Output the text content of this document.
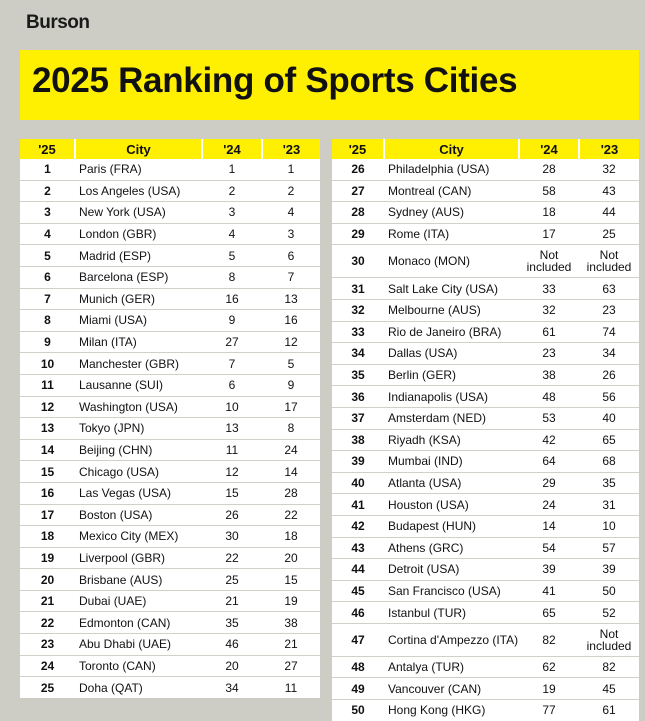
Burson
2025 Ranking of Sports Cities
'25	City	'24	'23
1	Paris (FRA)	1	1
2	Los Angeles (USA)	2	2
3	New York (USA)	3	4
4	London (GBR)	4	3
5	Madrid (ESP)	5	6
6	Barcelona (ESP)	8	7
7	Munich (GER)	16	13
8	Miami (USA)	9	16
9	Milan (ITA)	27	12
10	Manchester (GBR)	7	5
11	Lausanne (SUI)	6	9
12	Washington (USA)	10	17
13	Tokyo (JPN)	13	8
14	Beijing (CHN)	11	24
15	Chicago (USA)	12	14
16	Las Vegas (USA)	15	28
17	Boston (USA)	26	22
18	Mexico City (MEX)	30	18
19	Liverpool (GBR)	22	20
20	Brisbane (AUS)	25	15
21	Dubai (UAE)	21	19
22	Edmonton (CAN)	35	38
23	Abu Dhabi (UAE)	46	21
24	Toronto (CAN)	20	27
25	Doha (QAT)	34	11
'25	City	'24	'23
26	Philadelphia (USA)	28	32
27	Montreal (CAN)	58	43
28	Sydney (AUS)	18	44
29	Rome (ITA)	17	25
30	Monaco (MON)	Not included	Not included
31	Salt Lake City (USA)	33	63
32	Melbourne (AUS)	32	23
33	Rio de Janeiro (BRA)	61	74
34	Dallas (USA)	23	34
35	Berlin (GER)	38	26
36	Indianapolis (USA)	48	56
37	Amsterdam (NED)	53	40
38	Riyadh (KSA)	42	65
39	Mumbai (IND)	64	68
40	Atlanta (USA)	29	35
41	Houston (USA)	24	31
42	Budapest (HUN)	14	10
43	Athens (GRC)	54	57
44	Detroit (USA)	39	39
45	San Francisco (USA)	41	50
46	Istanbul (TUR)	65	52
47	Cortina d'Ampezzo (ITA)	82	Not included
48	Antalya (TUR)	62	82
49	Vancouver (CAN)	19	45
50	Hong Kong (HKG)	77	61
